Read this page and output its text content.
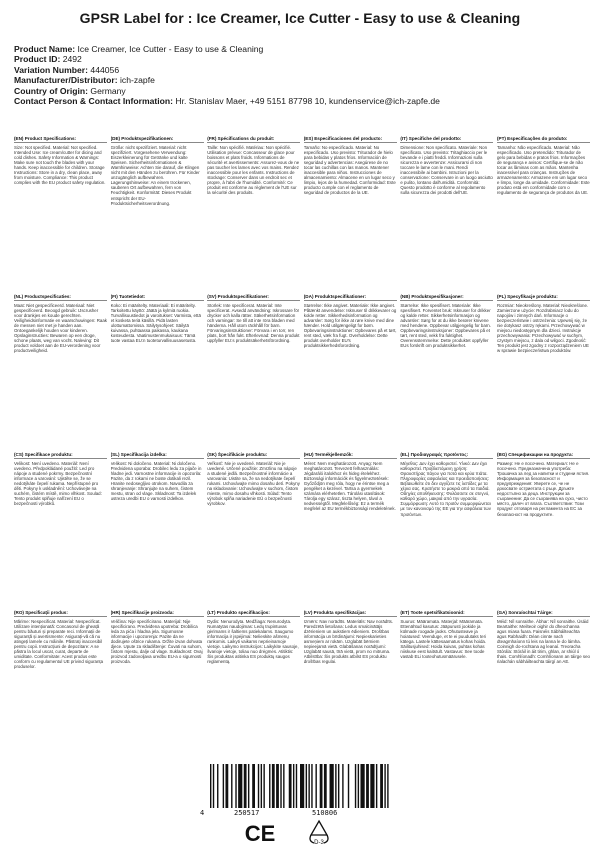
GPSR Label for : Ice Creamer, Ice Cutter - Easy to use & Cleaning
Product Name: Ice Creamer, Ice Cutter - Easy to use & Cleaning
Product ID: 2492
Variation Number: 444056
Manufacturer/Distributor: ich-zapfe
Country of Origin: Germany
Contact Person & Contact Information: Hr. Stanislav Maer, +49 5151 87798 10, kundenservice@ich-zapfe.de
(EN) Product Specifications:
Size: Not specified. Material: Not specified. Intended Use: Ice cream/cutter for dicing and cold dishes. Safety Information & Warnings: Make sure not touch the blades with your hands. Keep inaccessible for children. Storage Instructions: Store in a dry, clean place, away from moisture. Compliance: This product complies with the EU product safety regulation.
(DE) Produktspezifikationen:
Größe: nicht spezifiziert. Material: nicht spezifiziert. Vorgesehene Verwendung: Eiszerkleinerung für Getränke und kalte Speisen. Sicherheitsinformationen & Warnhinweise: Achten Sie darauf, die Klingen nicht mit den Händen zu berühren. Für Kinder unzugänglich aufbewahren. Lagerungshinweise: An einem trockenen, sauberen Ort aufbewahren, fern von Feuchtigkeit. Konformität: Dieses Produkt entspricht der EU-Produktsicherheitsverordnung.
(FR) Spécifications du produit:
Taille: Non spécifié. Matériau: Non spécifié. Utilisation prévue: Concasseur de glace pour boissons et plats froids. Informations de sécurité et avertissements: Assurez-vous de ne pas toucher les lames avec vos mains. Rendez inaccessible pour les enfants. Instructions de stockage: Conserver dans un endroit sec et propre, à l'abri de l'humidité. Conformité: Ce produit est conforme au règlement de l'UE sur la sécurité des produits.
(ES) Especificaciones del producto:
Tamaño: No especificado. Material: No especificado. Uso previsto: Triturador de hielo para bebidas y platos fríos. Información de seguridad y advertencias: Asegúrese de no tocar las cuchillas con las manos. Mantener inaccesible para niños. Instrucciones de almacenamiento: Almacene en un lugar seco y limpio, lejos de la humedad. Conformidad: Este producto cumple con el reglamento de seguridad de productos de la UE.
(IT) Specifiche del prodotto:
Dimensione: Non specificato. Materiale: Non specificato. Uso previsto: Tritaghiaccio per le bevande e i piatti freddi. Informazioni sulla sicurezza e avvertenze: Assicurarsi di non toccare le lame con le mani. Rendi inaccessibile ai bambini. Istruzioni per la conservazione: Conservare in un luogo asciutto e pulito, lontano dall'umidità. Conformità: Questo prodotto è conforme al regolamento sulla sicurezza dei prodotti dell'UE.
(PT) Especificações do produto:
Tamanho: Não especificado. Material: Não especificado. Uso pretendido: Triturador de gelo para bebidas e pratos frios. Informações de segurança e avisos: Certifique-se de não tocar as lâminas com as mãos. Mantenha inacessível para crianças. Instruções de armazenamento: Armazene em um lugar seco e limpo, longe da umidade. Conformidade: Este produto está em conformidade com o regulamento de segurança de produtos da UE.
(NL) Productspecificaties:
Maat: Niet gespecificeerd. Materiaal: Niet gespecificeerd. Beoogd gebruik: IJscrusher voor drankjes en koude gerechten. Veiligheidsinformatie en waarschuwingen: Raak de messen niet met je handen aan. Ontoegankelijk houden voor kinderen. Opslaginstructies: Bewaren op een droge, schone plaats, weg van vocht. Naleving: Dit product voldoet aan de EU-verordening voor productveiligheid.
(FI) Tuotetiedot:
Koko: Ei määritelty. Materiaali: Ei määritelty. Tarkoitettu käyttö: Jäätä ja kylmiä ruokia. Turvallisuustiedot ja varoitukset: Varmista, että et kosketa teriä käsillä. Pidä lasten ulottumattomissa. Säilytysohjeet: Säilytä kuivassa, puhtaassa paikassa, kaukana kosteudesta. Vaatimustenmukaisuus: Tämä tuote vastaa EU:n tuoteturvallisuusasetusta.
(SV) Produktspecifikationer:
Storlek: Inte specificerat. Material: Inte specificerat. Avsedd användning: Iskrossare för drycker och kalla rätter. Säkerhetsinformation och varningar: Se till att inte röra bladen med händerna. Håll utom räckhåll för barn. Förvaringsinstruktioner: Förvara i en torr, ren plats, bort från fukt. Efterlevnad: Denna produkt uppfyller EU:s produktsäkerhetsförordning.
(DA) Produktspecifikationer:
Størrelse: Ikke angivet. Materiale: Ikke angivet. Påtænkt anvendelse: Isknuser til drikkevarer og kolde retter. Sikkerhedsinformation og advarsler: Sørg for ikke at røre knive med dine hænder. Hold utilgængeligt for børn. Opbevaringsinstruktioner: Opbevares på et tørt, rent sted, væk fra fugt. Overholdelse: Dette produkt overholder EU's produktsikkerhedsforordning.
(NB) Produktspesifikasjoner:
Størrelse: Ikke spesifisert. Materiale: Ikke spesifisert. Forventet bruk: Isknuser for drikker og kalde retter. Sikkerhetsinformasjon og advarsler: Sørg for at du ikke berører knivene med hendene. Oppbevar utilgjengelig for barn. Oppbevaringsinstruksjoner: Oppbevares på et tørt, rent sted, vekk fra fuktighet. Overensstemmelse: Dette produktet oppfyller EUs forskrift om produktsikkerhet.
(PL) Specyfikacje produktu:
Rozmiar: Nieokreślony. Materiał: Nieokreślone. Zamierzone użycie: Rozdrabniacz lodu do napojów i zimnych dań. Informacje o bezpieczeństwie i ostrzeżenia: Upewnij się, że nie dotykasz ostrzy rękami. Przechowywać w miejscu niedostępnym dla dzieci. Instrukcje przechowywania: Przechowywać w suchym, czystym miejscu, z dala od wilgoci. Zgodność: Ten produkt jest zgodny z rozporządzeniem UE w sprawie bezpieczeństwa produktów.
(CS) Specifikace produktu:
Velikost: Není uvedeno. Materiál: Není uvedeno. Předpokládané použití: Led pro nápoje a studené pokrmy. Bezpečnostní informace a varování: Ujistěte se, že se nedotýkáte čepelí rukama. Nepřístupné pro děti. Pokyny k uskladnění: Uchovávejte na suchém, čistém místě, mimo vlhkost. Soulad: Tento produkt splňuje nařízení EU o bezpečnosti výrobků.
(SL) Specifikacija izdelka:
Velikost: Ni določeno. Material: Ni določeno. Predvidena uporaba: Drobilec ledu za pijače in hladne jedi. Varnostne informacije in opozorila: Pazite, da z rokami ne boste dotikali rezil. Hranite nedosegljivo otrokom. Navodila za shranjevanje: Shranjujte na suhem, čistem mestu, stran od vlage. Skladnost: Ta izdelek ustreza uredbi EU o varnosti izdelkov.
(SK) Špecifikácie produktu:
Veľkosť: Nie je uvedené. Materiál: Nie je uvedené. Určené použitie: Zmrzlinu na nápoje a studené jedlá. Bezpečnostné informácie a varovania: Uistite sa, že sa nedotýkate čepelí rukami. Uchovávajte mimo dosahu detí. Pokyny na skladovanie: Uchovávajte v suchom, čistom mieste, mimo dosahu vlhkosti. Súlad: Tento výrobok spĺňa nariadenie EÚ o bezpečnosti výrobkov.
(HU) Termékjellemzők:
Méret: Nem meghatározott. Anyag: Nem meghatározott. Tervezett felhasználás: Jégdaráló italokhoz és hideg ételekhez. Biztonsági információk és figyelmeztetések: Győződjön meg róla, hogy ne érintse meg a pengéket a kezével. Tartsa a gyermekek számára elérhetetlen. Tárolási utasítások: Tárolja egy száraz, tiszta helyen, távol a nedvességtől. Megfelelőség: Ez a termék megfelel az EU termékbiztonsági rendeletének.
(EL) Προδιαγραφές προϊόντος:
Μέγεθος: Δεν έχει καθοριστεί. Υλικό: Δεν έχει καθοριστεί. Προβλεπόμενη χρήση: Θραυστήρας πάγου για ποτά και κρύα πιάτα. Πληροφορίες ασφαλείας και προειδοποιήσεις: Βεβαιωθείτε ότι δεν αγγίζετε τις λεπίδες με τα χέρια σας. Κρατήστε το μακριά από τα παιδιά. Οδηγίες αποθήκευσης: Φυλάσσετε σε στεγνό, καθαρό χώρο, μακριά από την υγρασία. Συμμόρφωση: Αυτό το προϊόν συμμορφώνεται με τον κανονισμό της ΕΕ για την ασφάλεια των προϊόντων.
(BG) Спецификации на продукта:
Размер: Не е посочено. Материал: Не е посочено. Предназначена употреба: Трошачка за лед за напитки и студени ястия. Информация за безопасност и предупреждения: Уверете се, че не докосвате остриетата с ръце. Дръжте недостъпно за деца. Инструкции за съхранение: Да се съхранява на сухо, чисто място, далеч от влага. Съответствие: Този продукт отговаря на регламента на ЕС за безопасност на продуктите.
(RO) Specificații produs:
Mărime: Nespecificat. Material: Nespecificat. Utilizare intenționată: Concasorul de gheață pentru băuturi și preparate reci. Informații de siguranță și avertismente: Asigurați-vă că nu atingeți lamele cu mâinile. Păstrați inaccesibil pentru copii. Instrucțiuni de depozitare: A se păstra la locul uscat, curat, departe de umiditate. Conformitate: Acest produs este conform cu regulamentul UE privind siguranța produselor.
(HR) Specifikacije proizvoda:
Veličina: Nije specificirano. Materijal: Nije specificirano. Predviđena upotreba: Drobilica leda za pića i hladna jela. Sigurnosne informacije i upozorenja: Pazite da ne dodirujete oštrice rukama. Držite izvan dohvata djece. Upute za skladištenje: Čuvati na suhom, čistom mjestu, dalje od vlage. Sukladnost: Ovaj proizvod zadovoljava uredbu EU-a o sigurnosti proizvoda.
(LT) Produkto specifikacijos:
Dydis: Nenurodyta. Medžiaga: Nenurodyta. Numatytas naudojimas: Ledų trupintuvas gėrimams ir šaltiems patiekalams. Saugumo informacija ir įspėjimai: Nelieskite ašmenų rankomis. Laikyti vaikams neprieinamoje vietoje. Laikymo instrukcijos: Laikykite sausoje, švarioje vietoje, toliau nuo drėgmės. Atitiktis: Šis produktas atitinka ES produktų saugos reglamentą.
(LV) Produkta specifikācijas:
Izmērs: Nav norādīts. Materiāls: Nav norādīts. Paredzētā lietošana: Ledus smalcinātājs dzērieniem un aukstiem ēdieniem. Drošības informācija un brīdinājumi: Nepieskarieties asmeņiem ar rokām. Uzglabāt bērniem nepieejamā vietā. Glabāšanas norādījumi: Uzglabāt sausā, tīrā vietā, prom no mitruma. Atbilstība: Šis produkts atbilst ES produktu drošības regulai.
(ET) Toote spetsifikatsioonid:
Suurus: Määramata. Materjal: Määramata. Ettenähtud kasutus: Jääpurusti jookide ja külmade roogade jaoks. Ohutusteave ja hoiatused: Veenduge, et te ei puudutaks teri kätega. Lastele kättesaamatus kohas hoida. Säilitusjuhised: Hoida kuivas, puhtas kohas niiskuse eest kaitstult. Vastavus: See toode vastab ELi tooteohutusmäärusele.
(GA) Sonraíochtaí Táirge:
Méid: Níl sonraithe. Ábhar: Níl sonraithe. Úsáid Beartaithe: Meilteoir oighir do dheochanna agus miasa fuara. Faisnéis Sábháilteachta agus Rabhaidh: Déan cinnte nach dteagmhaíonn tú leis na lanna le do lámha. Coinnigh do-rochtana ag leanaí. Treoracha Stórála: Stóráil in áit tirim, ghlan, ar shiúl ó thais. Comhlíonadh: Comhlíonann an táirge seo rialachán sábháilteachta táirgí an AE.
4	250517	510806
CE	D-3
